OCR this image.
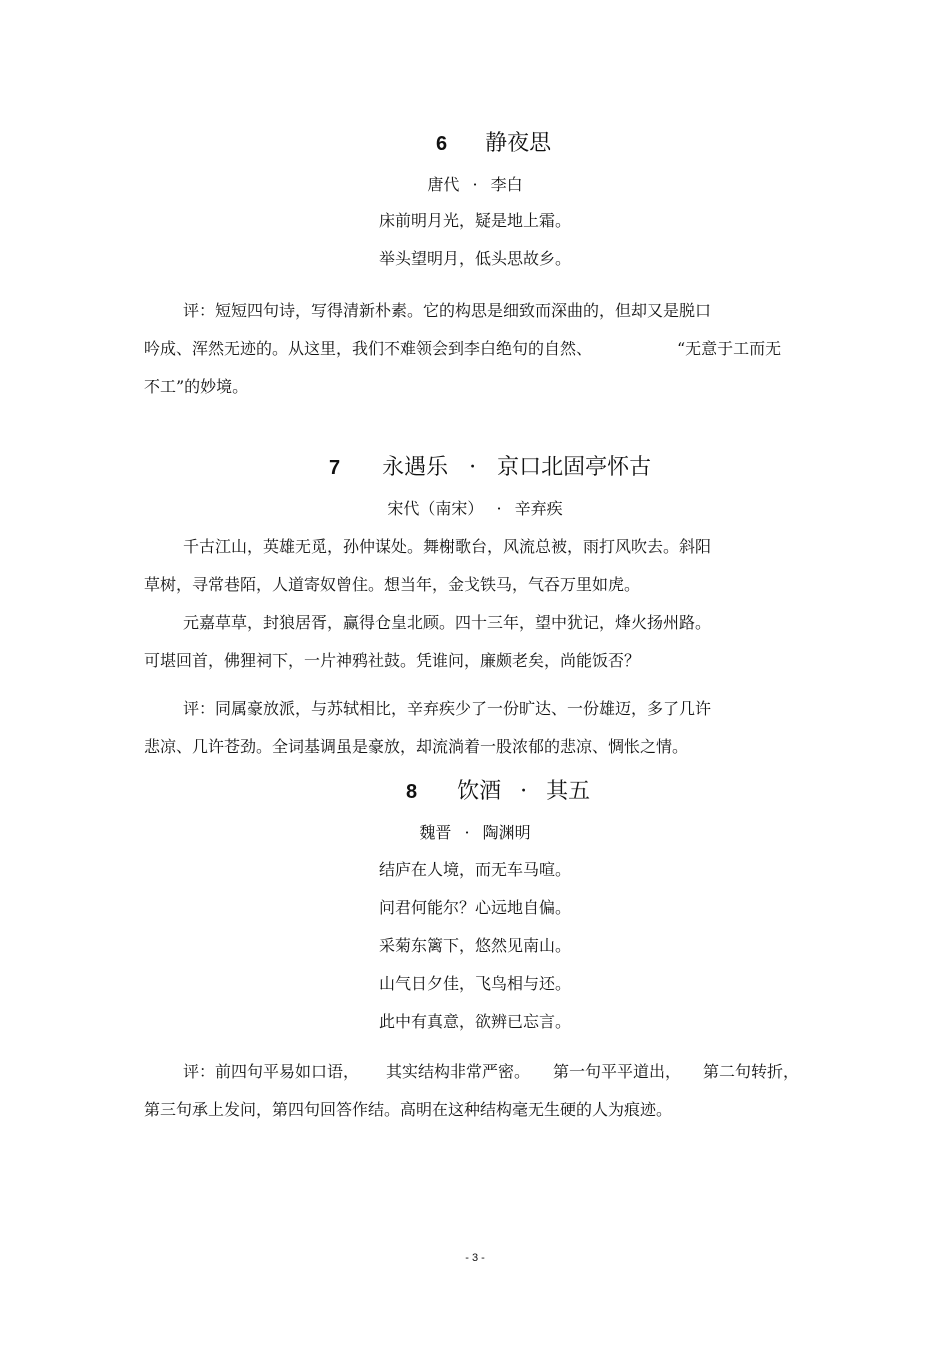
6 静夜思
唐代 · 李白
床前明月光，疑是地上霜。
举头望明月，低头思故乡。
评：短短四句诗，写得清新朴素。它的构思是细致而深曲的，但却又是脱口
吟成、浑然无迹的。从这里，我们不难领会到李白绝句的自然、	“无意于工而无
不工”的妙境。
7 永遇乐 · 京口北固亭怀古
宋代（南宋） · 辛弃疾
千古江山，英雄无觅，孙仲谋处。舞榭歌台，风流总被，雨打风吹去。斜阳
草树，寻常巷陌，人道寄奴曾住。想当年，金戈铁马，气吞万里如虎。
元嘉草草，封狼居胥，赢得仓皇北顾。四十三年，望中犹记，烽火扬州路。
可堪回首，佛狸祠下，一片神鸦社鼓。凭谁问，廉颇老矣，尚能饭否？
评：同属豪放派，与苏轼相比，辛弃疾少了一份旷达、一份雄迈，多了几许
悲凉、几许苍劲。全词基调虽是豪放，却流淌着一股浓郁的悲凉、惆怅之情。
8 饮酒 · 其五
魏晋 · 陶渊明
结庐在人境，而无车马喧。
问君何能尔？心远地自偏。
采菊东篱下，悠然见南山。
山气日夕佳，飞鸟相与还。
此中有真意，欲辨已忘言。
评：前四句平易如口语， 其实结构非常严密。 第一句平平道出， 第二句转折，
第三句承上发问，第四句回答作结。高明在这种结构毫无生硬的人为痕迹。
- 3 -
